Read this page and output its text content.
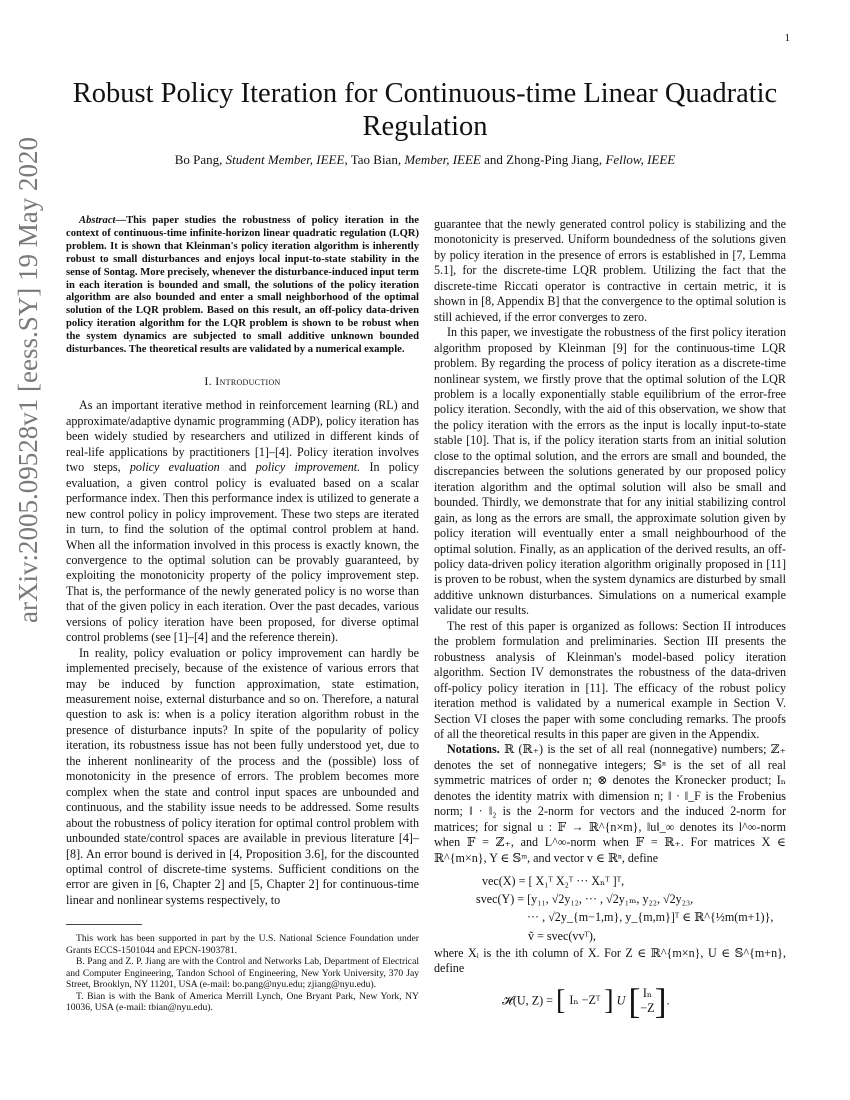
1
arXiv:2005.09528v1 [eess.SY] 19 May 2020
Robust Policy Iteration for Continuous-time Linear Quadratic Regulation

Bo Pang, Student Member, IEEE, Tao Bian, Member, IEEE and Zhong-Ping Jiang, Fellow, IEEE

Abstract—This paper studies the robustness of policy iteration in the context of continuous-time infinite-horizon linear quadratic regulation (LQR) problem. It is shown that Kleinman's policy iteration algorithm is inherently robust to small disturbances and enjoys local input-to-state stability in the sense of Sontag. More precisely, whenever the disturbance-induced input term in each iteration is bounded and small, the solutions of the policy iteration algorithm are also bounded and enter a small neighborhood of the optimal solution of the LQR problem. Based on this result, an off-policy data-driven policy iteration algorithm for the LQR problem is shown to be robust when the system dynamics are subjected to small additive unknown bounded disturbances. The theoretical results are validated by a numerical example.

I. Introduction

As an important iterative method in reinforcement learning (RL) and approximate/adaptive dynamic programming (ADP), policy iteration has been widely studied by researchers and utilized in different kinds of real-life applications by practitioners [1]–[4]. Policy iteration involves two steps, policy evaluation and policy improvement. In policy evaluation, a given control policy is evaluated based on a scalar performance index. Then this performance index is utilized to generate a new control policy in policy improvement. These two steps are iterated in turn, to find the solution of the optimal control problem at hand. When all the information involved in this process is exactly known, the convergence to the optimal solution can be provably guaranteed, by exploiting the monotonicity property of the policy improvement step. That is, the performance of the newly generated policy is no worse than that of the given policy in each iteration. Over the past decades, various versions of policy iteration have been proposed, for diverse optimal control problems (see [1]–[4] and the reference therein).

In reality, policy evaluation or policy improvement can hardly be implemented precisely, because of the existence of various errors that may be induced by function approximation, state estimation, measurement noise, external disturbance and so on. Therefore, a natural question to ask is: when is a policy iteration algorithm robust in the presence of disturbance inputs? In spite of the popularity of policy iteration, its robustness issue has not been fully understood yet, due to the inherent nonlinearity of the process and the (possible) loss of monotonicity in the presence of errors. The problem becomes more complex when the state and control input spaces are unbounded and continuous, and the stability issue needs to be addressed. Some results about the robustness of policy iteration for optimal control problem with unbounded state/control spaces are available in previous literature [4]–[8]. An error bound is derived in [4, Proposition 3.6], for the discounted optimal control of discrete-time systems. Sufficient conditions on the error are given in [6, Chapter 2] and [5, Chapter 2] for continuous-time linear and nonlinear systems respectively, to

This work has been supported in part by the U.S. National Science Foundation under Grants ECCS-1501044 and EPCN-1903781.

B. Pang and Z. P. Jiang are with the Control and Networks Lab, Department of Electrical and Computer Engineering, Tandon School of Engineering, New York University, 370 Jay Street, Brooklyn, NY 11201, USA (e-mail: bo.pang@nyu.edu; zjiang@nyu.edu).

T. Bian is with the Bank of America Merrill Lynch, One Bryant Park, New York, NY 10036, USA (e-mail: tbian@nyu.edu).

guarantee that the newly generated control policy is stabilizing and the monotonicity is preserved. Uniform boundedness of the solutions given by policy iteration in the presence of errors is established in [7, Lemma 5.1], for the discrete-time LQR problem. Utilizing the fact that the discrete-time Riccati operator is contractive in certain metric, it is shown in [8, Appendix B] that the convergence to the optimal solution is still achieved, if the error converges to zero.

In this paper, we investigate the robustness of the first policy iteration algorithm proposed by Kleinman [9] for the continuous-time LQR problem. By regarding the process of policy iteration as a discrete-time nonlinear system, we firstly prove that the optimal solution of the LQR problem is a locally exponentially stable equilibrium of the error-free policy iteration. Secondly, with the aid of this observation, we show that the policy iteration with the errors as the input is locally input-to-state stable [10]. That is, if the policy iteration starts from an initial solution close to the optimal solution, and the errors are small and bounded, the discrepancies between the solutions generated by our proposed policy iteration algorithm and the optimal solution will also be small and bounded. Thirdly, we demonstrate that for any initial stabilizing control gain, as long as the errors are small, the approximate solution given by policy iteration will eventually enter a small neighbourhood of the optimal solution. Finally, as an application of the derived results, an off-policy data-driven policy iteration algorithm originally proposed in [11] is proven to be robust, when the system dynamics are disturbed by small additive unknown disturbances. Simulations on a numerical example validate our results.

The rest of this paper is organized as follows: Section II introduces the problem formulation and preliminaries. Section III presents the robustness analysis of Kleinman's model-based policy iteration algorithm. Section IV demonstrates the robustness of the data-driven off-policy policy iteration in [11]. The efficacy of the robust policy iteration method is validated by a numerical example in Section V. Section VI closes the paper with some concluding remarks. The proofs of all the theoretical results in this paper are given in the Appendix.

Notations. ℝ (ℝ₊) is the set of all real (nonnegative) numbers; ℤ₊ denotes the set of nonnegative integers; 𝕊ⁿ is the set of all real symmetric matrices of order n; ⊗ denotes the Kronecker product; Iₙ denotes the identity matrix with dimension n; ‖ · ‖_F is the Frobenius norm; ‖ · ‖₂ is the 2-norm for vectors and the induced 2-norm for matrices; for signal u : 𝔽 → ℝ^{n×m}, ‖u‖_∞ denotes its l^∞-norm when 𝔽 = ℤ₊, and L^∞-norm when 𝔽 = ℝ₊. For matrices X ∈ ℝ^{m×n}, Y ∈ 𝕊ᵐ, and vector v ∈ ℝⁿ, define

vec(X) = [ X₁ᵀ X₂ᵀ ··· Xₙᵀ ]ᵀ,
svec(Y) = [y₁₁, √2y₁₂, ··· , √2y₁ₘ, y₂₂, √2y₂₃,
··· , √2y_{m−1,m}, y_{m,m}]ᵀ ∈ ℝ^{½m(m+1)},
ṽ = svec(vvᵀ),

where Xᵢ is the ith column of X. For Z ∈ ℝ^{m×n}, U ∈ 𝕊^{m+n}, define

𝓗(U, Z) = [ Iₙ −Zᵀ ] U [ Iₙ
−Z].
